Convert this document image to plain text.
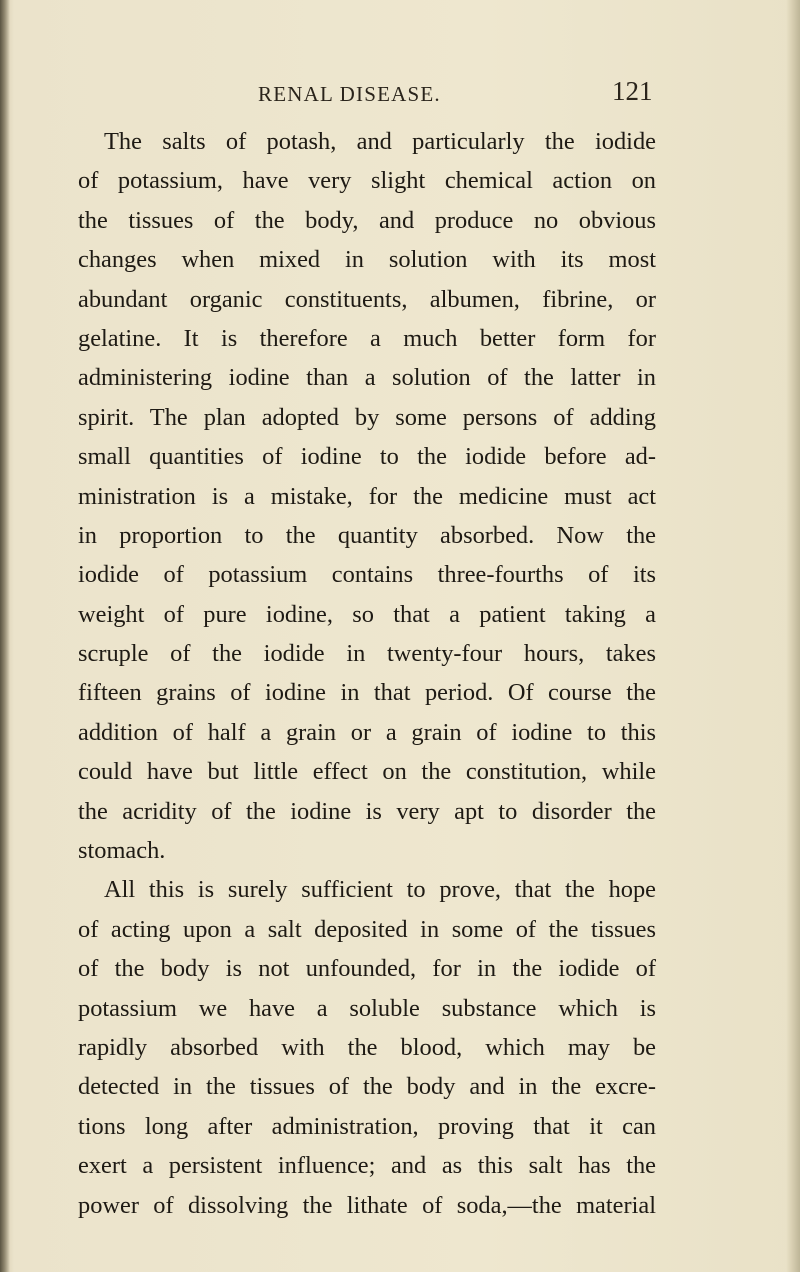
RENAL DISEASE.	121
The salts of potash, and particularly the iodide
of potassium, have very slight chemical action on
the tissues of the body, and produce no obvious
changes when mixed in solution with its most
abundant organic constituents, albumen, fibrine, or
gelatine. It is therefore a much better form for
administering iodine than a solution of the latter in
spirit. The plan adopted by some persons of adding
small quantities of iodine to the iodide before ad-
ministration is a mistake, for the medicine must act
in proportion to the quantity absorbed. Now the
iodide of potassium contains three-fourths of its
weight of pure iodine, so that a patient taking a
scruple of the iodide in twenty-four hours, takes
fifteen grains of iodine in that period. Of course the
addition of half a grain or a grain of iodine to this
could have but little effect on the constitution, while
the acridity of the iodine is very apt to disorder the
stomach.
All this is surely sufficient to prove, that the hope
of acting upon a salt deposited in some of the tissues
of the body is not unfounded, for in the iodide of
potassium we have a soluble substance which is
rapidly absorbed with the blood, which may be
detected in the tissues of the body and in the excre-
tions long after administration, proving that it can
exert a persistent influence; and as this salt has the
power of dissolving the lithate of soda,—the material
